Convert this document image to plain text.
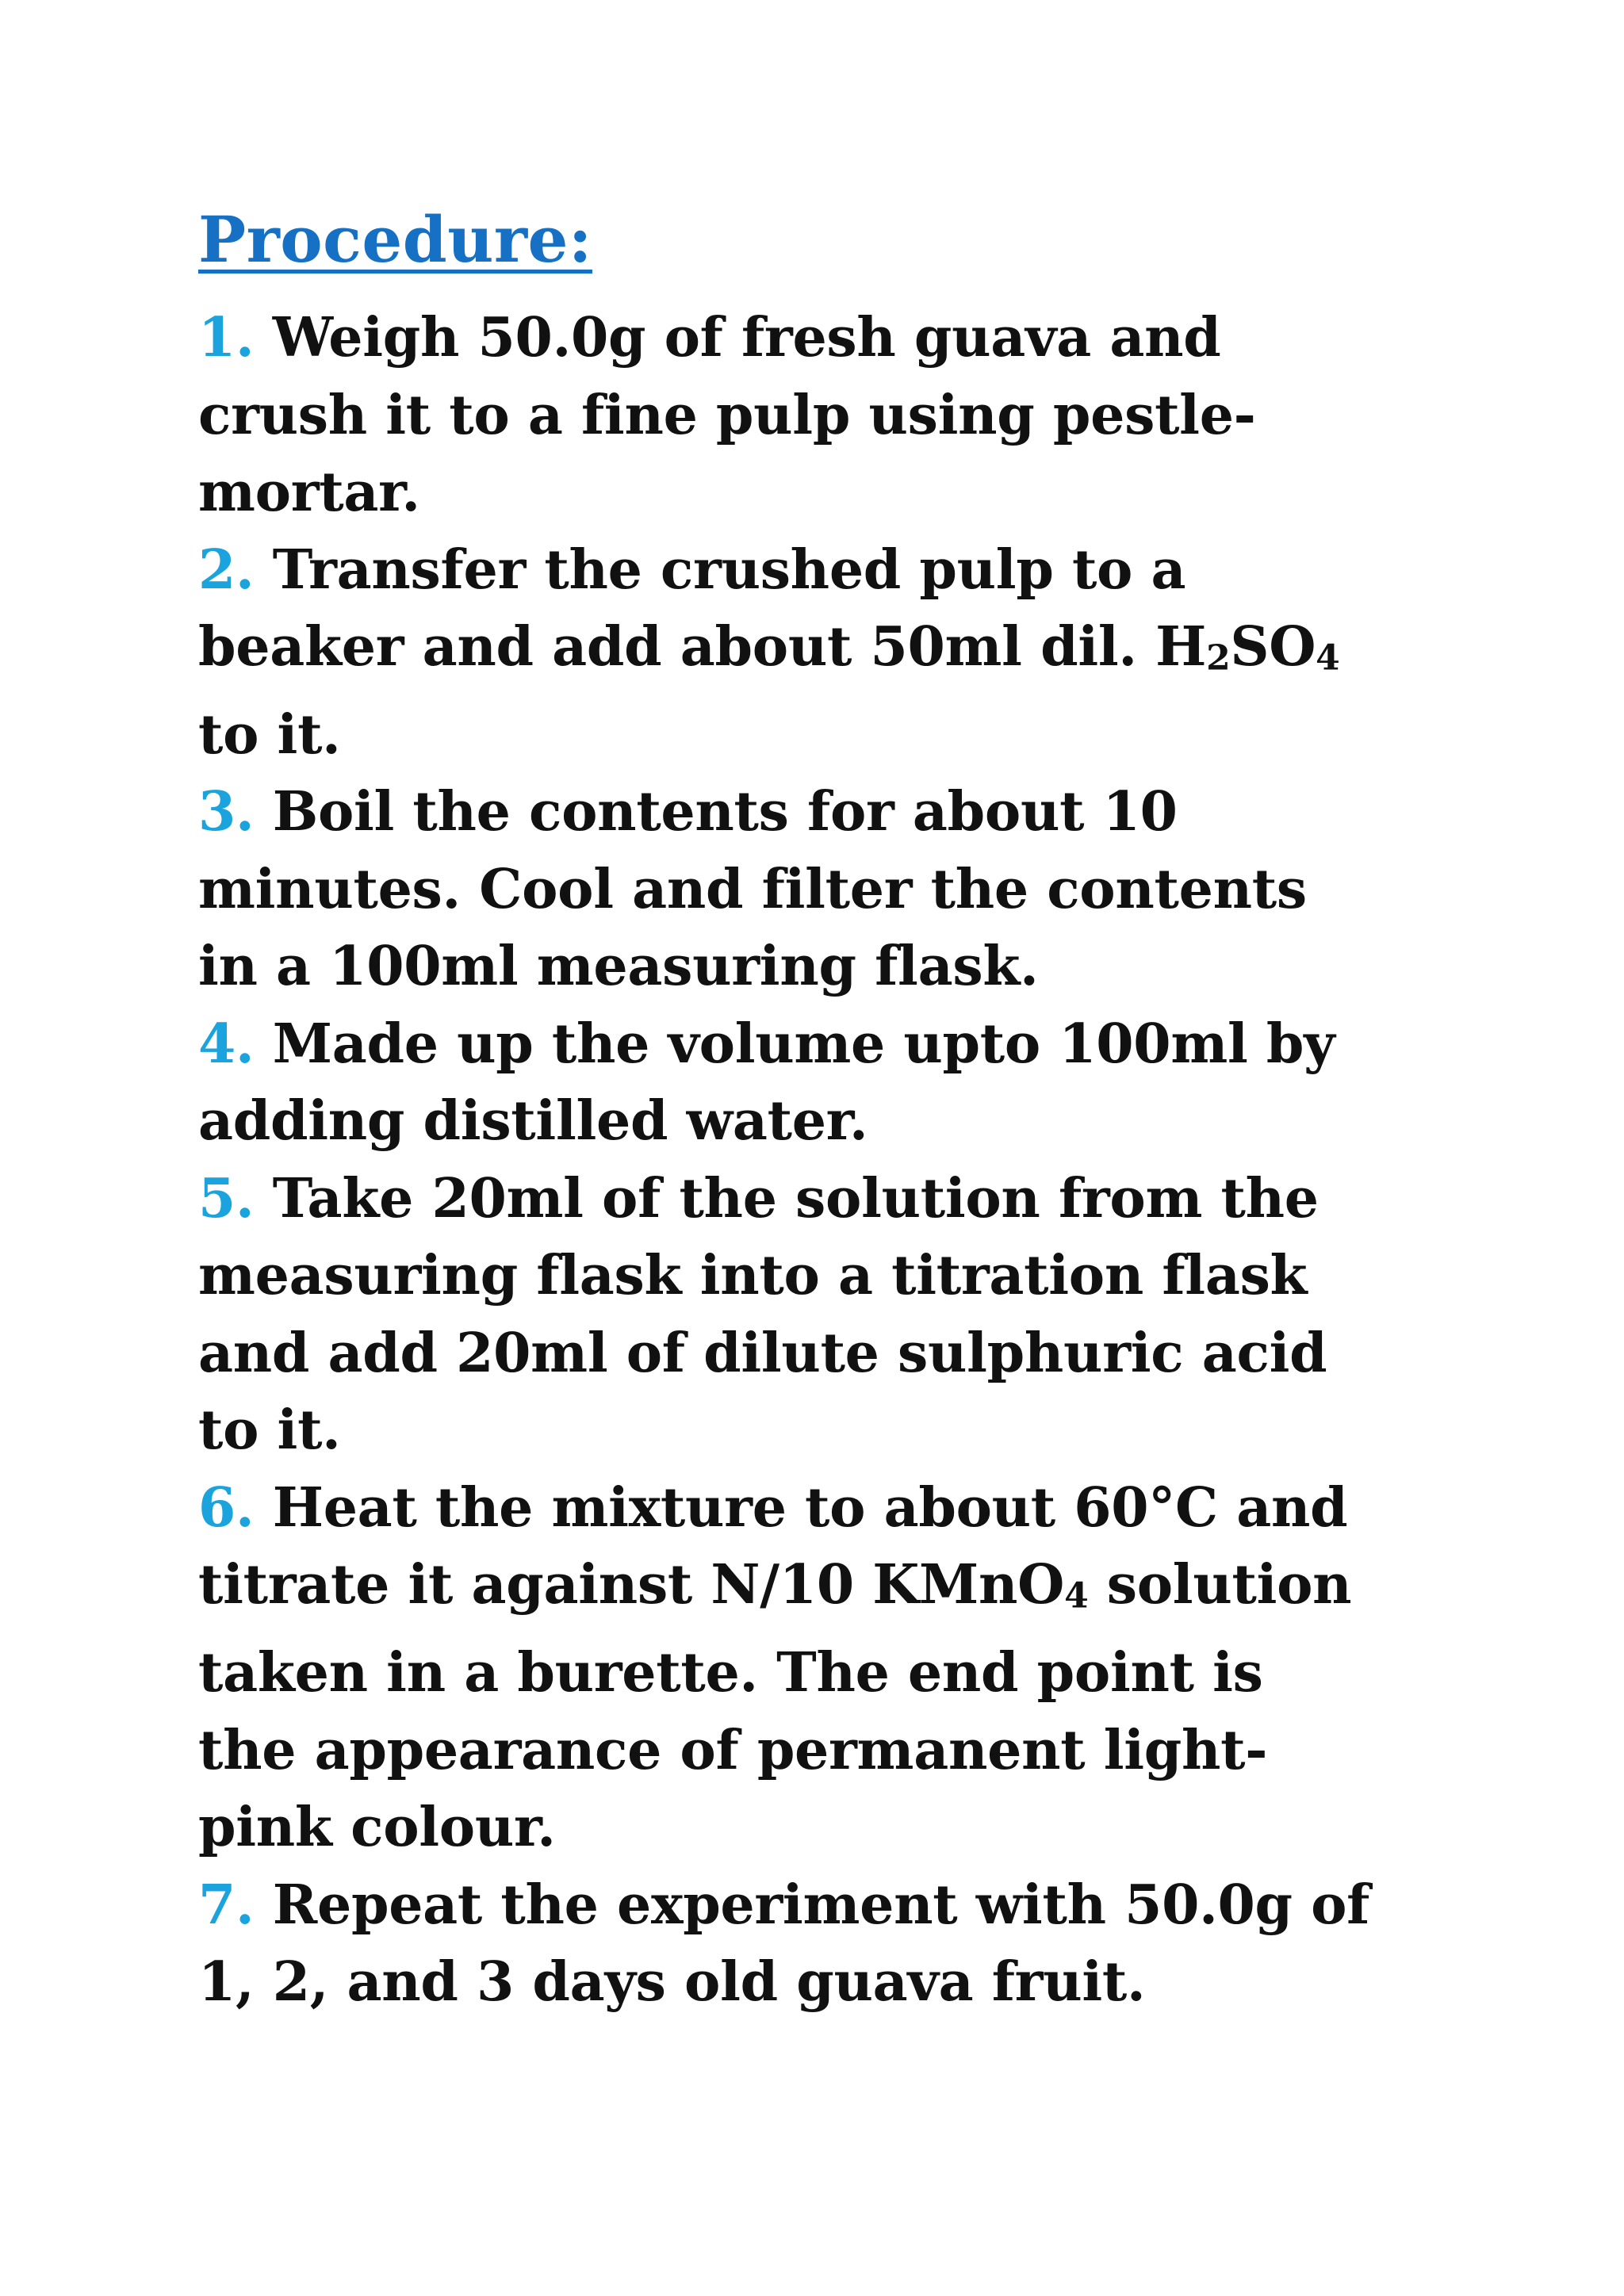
Procedure:
1. Weigh 50.0g of fresh guava and
crush it to a fine pulp using pestle-
mortar.
2. Transfer the crushed pulp to a
beaker and add about 50ml dil. H2SO4
to it.
3. Boil the contents for about 10
minutes. Cool and filter the contents
in a 100ml measuring flask.
4. Made up the volume upto 100ml by
adding distilled water.
5. Take 20ml of the solution from the
measuring flask into a titration flask
and add 20ml of dilute sulphuric acid
to it.
6. Heat the mixture to about 60°C and
titrate it against N/10 KMnO4 solution
taken in a burette. The end point is
the appearance of permanent light-
pink colour.
7. Repeat the experiment with 50.0g of
1, 2, and 3 days old guava fruit.
